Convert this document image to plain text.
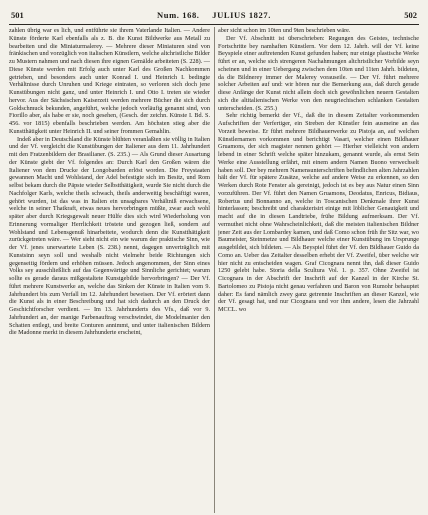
501	Num. 168. JULIUS 1827.	502

zahlen übrig war es lich, und entführte sie ihrem Vaterlande Italien. — Andere Künste förderte Karl ebenfalls als z. B. die Kunst Bildwerke aus Metall zu bearbeiten und die Miniaturmalerey. — Mehrere dieser Miniaturen sind von fränkischen und vorzüglich von italischen Künstlern, welche altchristliche Bilder zu Mustern nahmen und nach diesen ihre eignen Gemälde arbeiteten (S. 228). — Diese Künste werden mit Erfolg auch unter Karl des Großen Nachkommen getrieben, und besonders auch unter Konrad I. und Heinrich I. bedingte Verhältnisse durch Unruhen und Kriege eintraten, so verloren sich doch jene Kunstübungen nicht ganz, und unter Heinrich I. und Otto I. treten sie wieder hervor. Aus der Sächsischen Kaiserzeit werden mehrere Bücher die sich durch Goldschmuck bekunden, angeführt, welche jedoch vorläufig genannt sind, von Fiorillo aber, als habe er sie, noch gesehen, (Gesch. der zeichn. Künste I. Bd. S. 456. vor 1815) ebenfalls beschrieben werden. Am höchsten stieg aber die Kunstthätigkeit unter Heinrich II. und seiner frommen Gemahlin.

Indeß aber in Deutschland die Künste blühten veranlaßten sie völlig in Italien und der Vf. vergleicht die Kunstübungen der Italiener aus dem 11. Jahrhundert mit den Fratzenbildern der Brasilianer. (S. 235.) — Als Grund dieser Ausartung der Künste giebt der Vf. folgendes an: Durch Karl den Großen wären die Italiener von dem Drucke der Longobarden erlöst worden. Die Freystaaten gewannen Macht und Wohlstand, der Adel befestigte sich im Besitz, und Rom selbst bekam durch die Päpste wieder Selbstthätigkeit, wurde Sie nicht durch die Nachfolger Karls, welche theils schwach, theils anderweitig beschäftigt waren, gehört wurden, ist das was in Italien ein unsagbares Verhältniß erwachsene, welche in seiner Thatkraft, etwas neues hervorbringen müßte, zwar auch wohl später aber durch Kriegsgewalt neuer Hülfe dies sich wird Wiederholung von Erinnerung vormaliger Herrlichkeit tröstete und gezogen ließ, sondern auf Wohlstand und Lebensgenuß hinarbeitete, wodurch denn die Kunstthätigkeit zurückgetreten wäre. — Wer sieht nicht ein wie warum der praktische Sinn, wie der Vf. jenes unerwartete Leben (S. 238.) nennt, dagegen unverträglich mit Kunstsinn seyn soll und weshalb nicht vielmehr beide Richtungen sich gegenseitig fördern und erhöhen müssen. Jedoch angenommen, der Sinn eines Volks sey ausschließlich auf das Gegenwärtige und Sinnliche gerichtet; warum sollte es gerade daraus mißgestaltete Kunstgebilde hervorbringen? — Der Vf. führt mehrere Kunstwerke an, welche das Sinken der Künste in Italien vom 9. Jahrhundert bis zum Verfall im 12. Jahrhundert beweisen. Der Vf. erörtert dann die Kunst als in einer Beschreibung und hat sich dadurch an den Druck der Geschichtforscher verdient. — Im 13. Jahrhunderts des Vfs., daß vor 9. Jahrhundert an, der manige Farbenauftrag verschwindet, die Modelmanier den Schatten entlegt, und breite Conturen annimmt, und unter italienischen Bildern die Madonne merkt in diesem Jahrhunderte erscheint,

aber sicht schon im 10ten und 9ten beschrieben wäre.

Der Vf. Abschnitt ist überschrieben: Regungen des Geistes, technische Fortschritte bey namhaften Künstlern. Vor dem 12. Jahrh. will der Vf. keine Beyspiele einer auftretenden Kunst gefunden haben; nur einige plastische Werke führt er an, welche sich strengeren Nachahmungen altchristlicher Vorbilde seyn scheinen und in einer Uebergang zwischen dem 10ten und 11ten Jahrh. bildeten, da die Bildnerey immer der Malerey vorauseile. — Der Vf. führt mehrere solcher Arbeiten auf und: wir hören nur die Bemerkung aus, daß durch gerade diese Anfänge der Kunst nicht allein doch sich gewöhnlichen neuern Gestalten sich die altitalienischen Werke von den neugriechischen schlanken Gestalten unterscheiden. (S. 255.)

Sehr richtig bemerkt der Vf., daß die in diesem Zeitalter vorkommenden Aufschriften der Verfertiger, ein Streben der Künstler fein ausmeine an das Vorzeit beweise. Er führt mehrere Bildhauerwerke zu Pistoja an, auf welchen Künstlernamen vorkommen und berichtigt Vasari, welcher einen Bildhauer Gruamons, der sich magister nennen gehört — Hierher vielleicht von andern lebend in einer Schrift welche später hinzukam, genannt wurde, als ernst Sein Werke eine Ausstellung erfährt, mit einem andern Namen Buono verwechselt haben soll. Der bey mehrern Namensunterschriften befindlichen alten Jahrzahlen hält der Vf. für spätere Zusätze, welche auf andere Weise zu erkennen, so den Werken durch Rote Fenster als gereinigt, jedoch ist es bey aus Natur einen Sinn vorzuführen. Der Vf. führt den Namen Gruamons, Deodatus, Enricus, Bidiaus, Robertus und Bonnanno an, welche in Toscanischen Denkmale ihrer Kunst hinterlassen; beschreibt und charakterisirt einige mit löblicher Genauigkeit und macht auf die in diesen Landtriebe, frühe Bildung aufmerksam. Der Vf. vermuthet nicht ohne Wahrscheinlichkeit, daß die meisten italienischen Bildner jener Zeit aus der Lombardey kamen, und daß Como schon früh ihr Sitz war, wo Baumeister, Steinmetze und Bildhauer welche einer Kunstübung im Ursprunge ausgebildet, sich bildeten. — Als Beyspiel führt der Vf. den Bildhauer Guido da Como an. Ueber das Zeitalter desselben erhebt der Vf. Zweifel, über welche wir hier nicht zu entscheiden wagen. Graf Cicognara nennt ihn, daß dieser Guido 1250 gelebt habe. Storia della Scultura Vol. 1. p. 357. Ohne Zweifel ist Cicognara in der Abschrift der Inschrift auf der Kanzel in der Kirche St. Bartolomeo zu Pistoja nicht genau verfahren und Baron von Rumohr behauptet daher: Es fand nämlich zwey ganz getrennte Inschriften an dieser Kanzel, wie der Vf. gesagt hat, und nur Cicognara und vor ihm andere, lesen die Jahrzahl MCCL. wo
